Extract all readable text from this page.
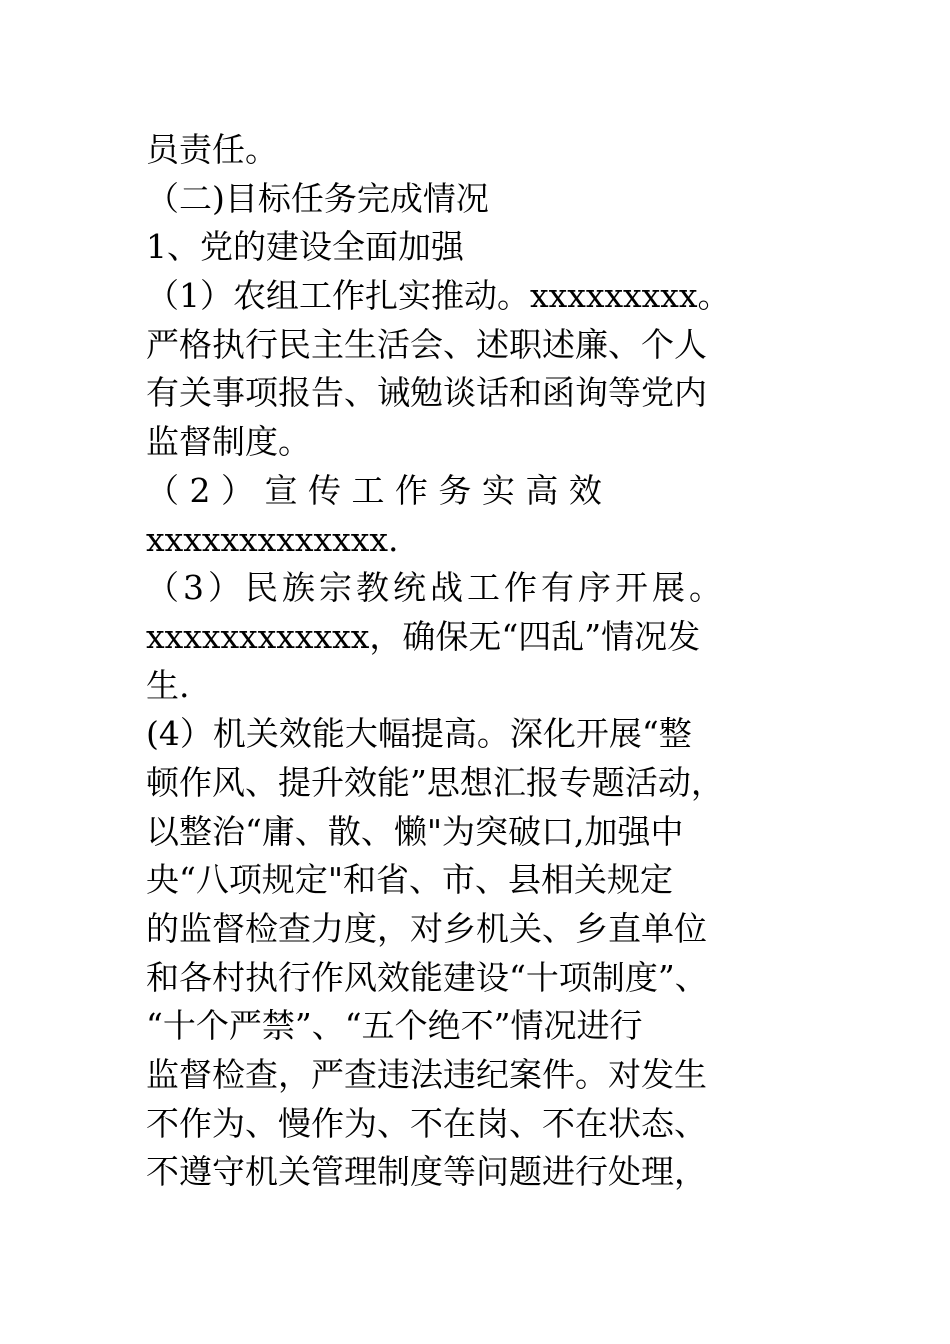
员责任。
（二)目标任务完成情况
1、党的建设全面加强
（1）农组工作扎实推动。xxxxxxxxx。
严格执行民主生活会、述职述廉、个人
有关事项报告、诫勉谈话和函询等党内
监督制度。
（ 2 ） 宣 传 工 作 务 实 高 效
xxxxxxxxxxxxx.
（3）民族宗教统战工作有序开展。
xxxxxxxxxxxx，确保无“四乱”情况发
生.
(4）机关效能大幅提高。深化开展“整
顿作风、提升效能”思想汇报专题活动，
以整治“庸、散、懒"为突破口,加强中
央“八项规定"和省、市、县相关规定
的监督检查力度，对乡机关、乡直单位
和各村执行作风效能建设“十项制度”、
“十个严禁”、“五个绝不”情况进行
监督检查，严查违法违纪案件。对发生
不作为、慢作为、不在岗、不在状态、
不遵守机关管理制度等问题进行处理，
